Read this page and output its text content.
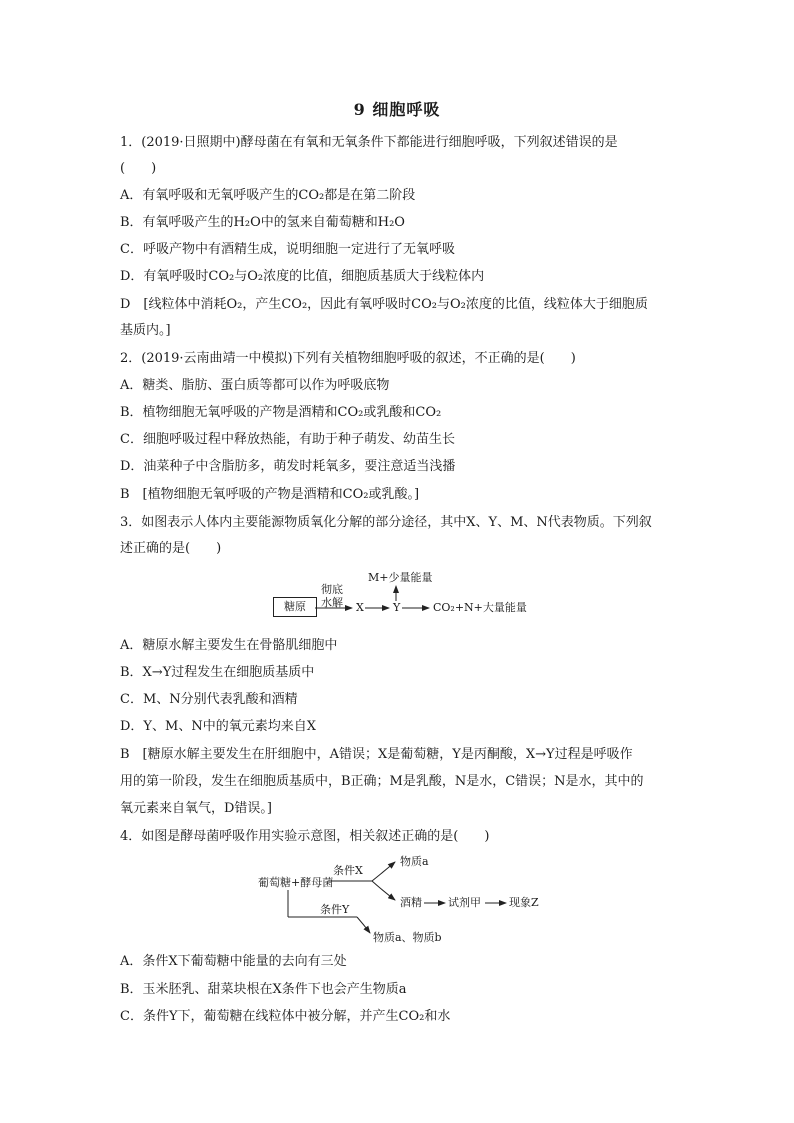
9 细胞呼吸
1．(2019·日照期中)酵母菌在有氧和无氧条件下都能进行细胞呼吸，下列叙述错误的是
(　　)
A．有氧呼吸和无氧呼吸产生的CO₂都是在第二阶段
B．有氧呼吸产生的H₂O中的氢来自葡萄糖和H₂O
C．呼吸产物中有酒精生成，说明细胞一定进行了无氧呼吸
D．有氧呼吸时CO₂与O₂浓度的比值，细胞质基质大于线粒体内
D　[线粒体中消耗O₂，产生CO₂，因此有氧呼吸时CO₂与O₂浓度的比值，线粒体大于细胞质
基质内。]
2．(2019·云南曲靖一中模拟)下列有关植物细胞呼吸的叙述，不正确的是(　　)
A．糖类、脂肪、蛋白质等都可以作为呼吸底物
B．植物细胞无氧呼吸的产物是酒精和CO₂或乳酸和CO₂
C．细胞呼吸过程中释放热能，有助于种子萌发、幼苗生长
D．油菜种子中含脂肪多，萌发时耗氧多，要注意适当浅播
B　[植物细胞无氧呼吸的产物是酒精和CO₂或乳酸。]
3．如图表示人体内主要能源物质氧化分解的部分途径，其中X、Y、M、N代表物质。下列叙
述正确的是(　　)
糖原
彻底
水解 X	Y
M+少量能量
CO₂+N+大量能量
A．糖原水解主要发生在骨骼肌细胞中
B．X→Y过程发生在细胞质基质中
C．M、N分别代表乳酸和酒精
D．Y、M、N中的氧元素均来自X
B　[糖原水解主要发生在肝细胞中，A错误；X是葡萄糖，Y是丙酮酸，X→Y过程是呼吸作
用的第一阶段，发生在细胞质基质中，B正确；M是乳酸，N是水，C错误；N是水，其中的
氧元素来自氧气，D错误。]
4．如图是酵母菌呼吸作用实验示意图，相关叙述正确的是(　　)
葡萄糖+酵母菌
条件X
条件Y
物质a
酒精 试剂甲	现象Z
物质a、物质b
A．条件X下葡萄糖中能量的去向有三处
B．玉米胚乳、甜菜块根在X条件下也会产生物质a
C．条件Y下，葡萄糖在线粒体中被分解，并产生CO₂和水
